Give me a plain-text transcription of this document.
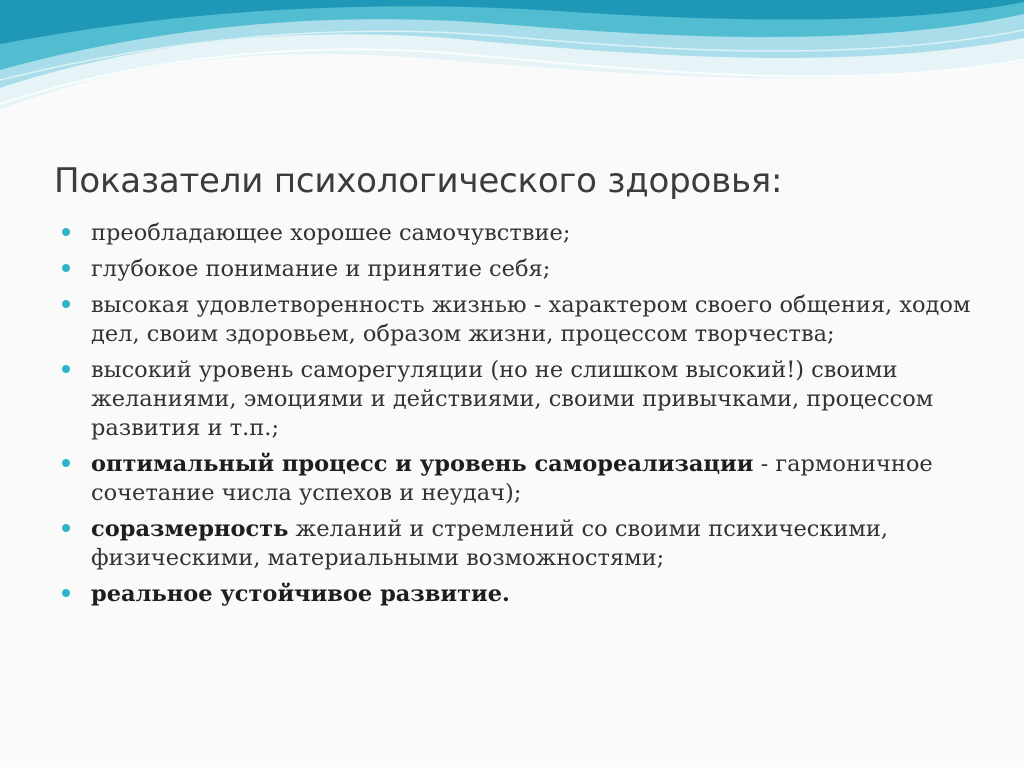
Показатели психологического здоровья:
преобладающее хорошее самочувствие;
глубокое понимание и принятие себя;
высокая удовлетворенность жизнью - характером своего общения, ходом дел, своим здоровьем, образом жизни, процессом творчества;
высокий уровень саморегуляции (но не слишком высокий!) своими желаниями, эмоциями и действиями, своими привычками, процессом развития и т.п.;
оптимальный процесс и уровень самореализации - гармоничное сочетание числа успехов и неудач);
соразмерность желаний и стремлений со своими психическими, физическими, материальными возможностями;
реальное устойчивое развитие.
